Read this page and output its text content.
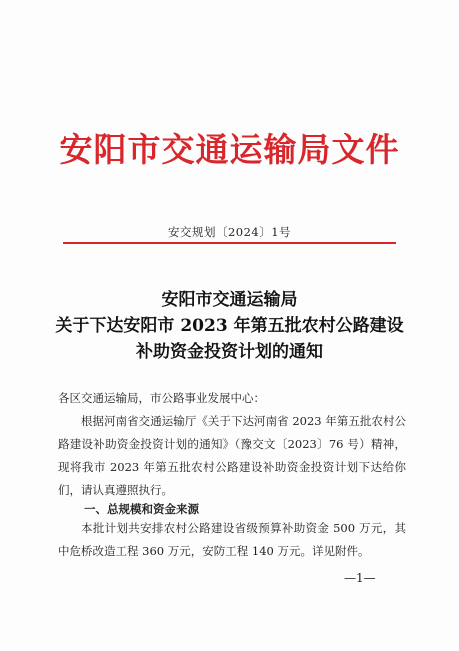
安阳市交通运输局文件
安交规划〔2024〕1号
安阳市交通运输局
关于下达安阳市 2023 年第五批农村公路建设
补助资金投资计划的通知
各区交通运输局，市公路事业发展中心：
根据河南省交通运输厅《关于下达河南省 2023 年第五批农村公路建设补助资金投资计划的通知》（豫交文〔2023〕76 号）精神，现将我市 2023 年第五批农村公路建设补助资金投资计划下达给你们，请认真遵照执行。
一、总规模和资金来源
本批计划共安排农村公路建设省级预算补助资金 500 万元，其中危桥改造工程 360 万元，安防工程 140 万元。详见附件。
—1—
